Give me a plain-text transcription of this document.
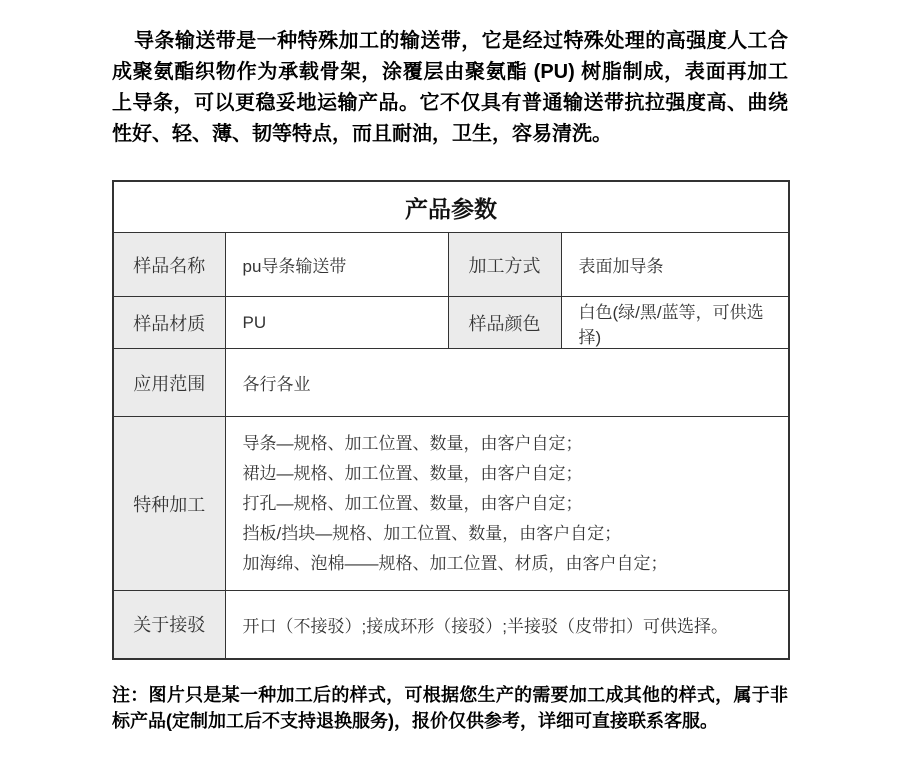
导条输送带是一种特殊加工的输送带，它是经过特殊处理的高强度人工合
成聚氨酯织物作为承载骨架，涂覆层由聚氨酯 (PU) 树脂制成，表面再加工
上导条，可以更稳妥地运输产品。它不仅具有普通输送带抗拉强度高、曲绕
性好、轻、薄、韧等特点，而且耐油，卫生，容易清洗。
产品参数			
样品名称	pu导条输送带	加工方式	表面加导条
样品材质	PU	样品颜色	白色(绿/黑/蓝等，可供选择)
应用范围	各行各业		
特种加工	导条—规格、加工位置、数量，由客户自定；
裙边—规格、加工位置、数量，由客户自定；
打孔—规格、加工位置、数量，由客户自定；
挡板/挡块—规格、加工位置、数量，由客户自定；
加海绵、泡棉——规格、加工位置、材质，由客户自定；		

关于接驳	开口（不接驳）;接成环形（接驳）;半接驳（皮带扣）可供选择。		
注：图片只是某一种加工后的样式，可根据您生产的需要加工成其他的样式，属于非
标产品(定制加工后不支持退换服务)，报价仅供参考，详细可直接联系客服。
